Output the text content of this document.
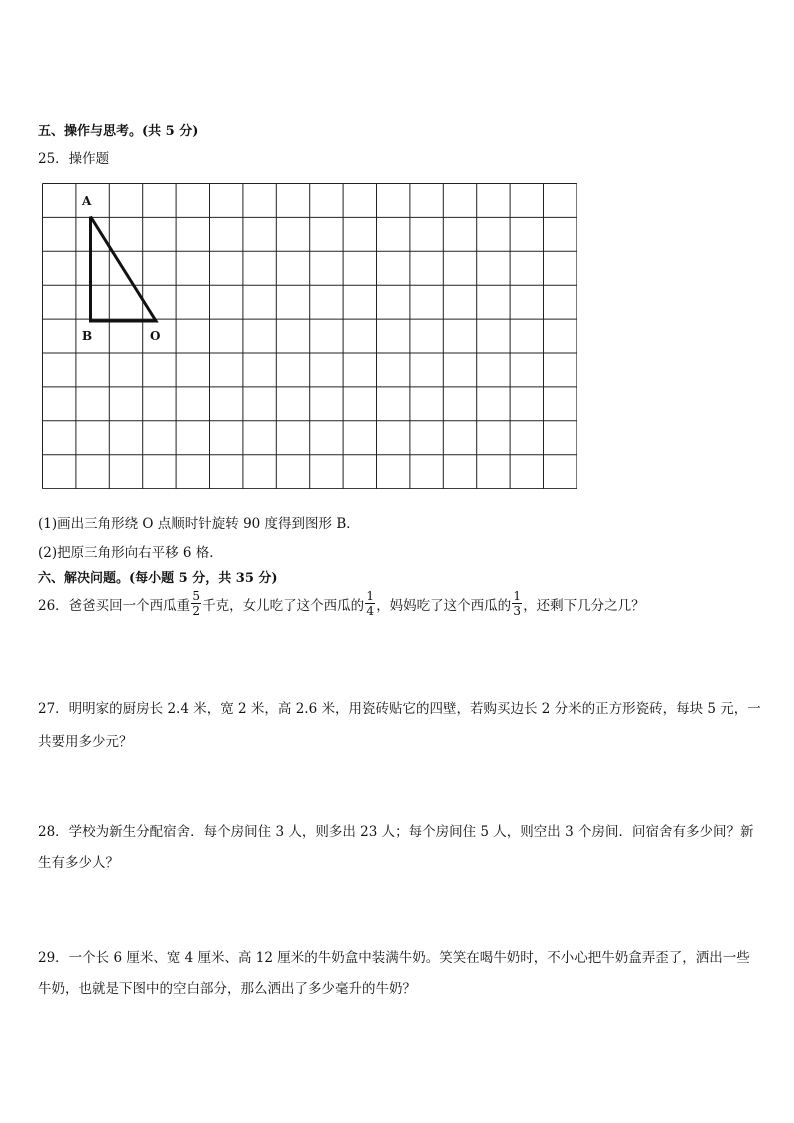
五、操作与思考。(共 5 分)
25．操作题
A
B	O
(1)画出三角形绕 O 点顺时针旋转 90 度得到图形 B．
(2)把原三角形向右平移 6 格．
六、解决问题。(每小题 5 分，共 35 分)
26．爸爸买回一个西瓜重 $\frac{5}{2}$ 千克，女儿吃了这个西瓜的 $\frac{1}{4}$ ，妈妈吃了这个西瓜的 $\frac{1}{3}$ ，还剩下几分之几？
27．明明家的厨房长 2.4 米，宽 2 米，高 2.6 米，用瓷砖贴它的四壁，若购买边长 2 分米的正方形瓷砖，每块 5 元，一
共要用多少元？
28．学校为新生分配宿舍．每个房间住 3 人，则多出 23 人；每个房间住 5 人，则空出 3 个房间．问宿舍有多少间？新
生有多少人？
29．一个长 6 厘米、宽 4 厘米、高 12 厘米的牛奶盒中装满牛奶。笑笑在喝牛奶时，不小心把牛奶盒弄歪了，洒出一些
牛奶，也就是下图中的空白部分，那么洒出了多少毫升的牛奶？
